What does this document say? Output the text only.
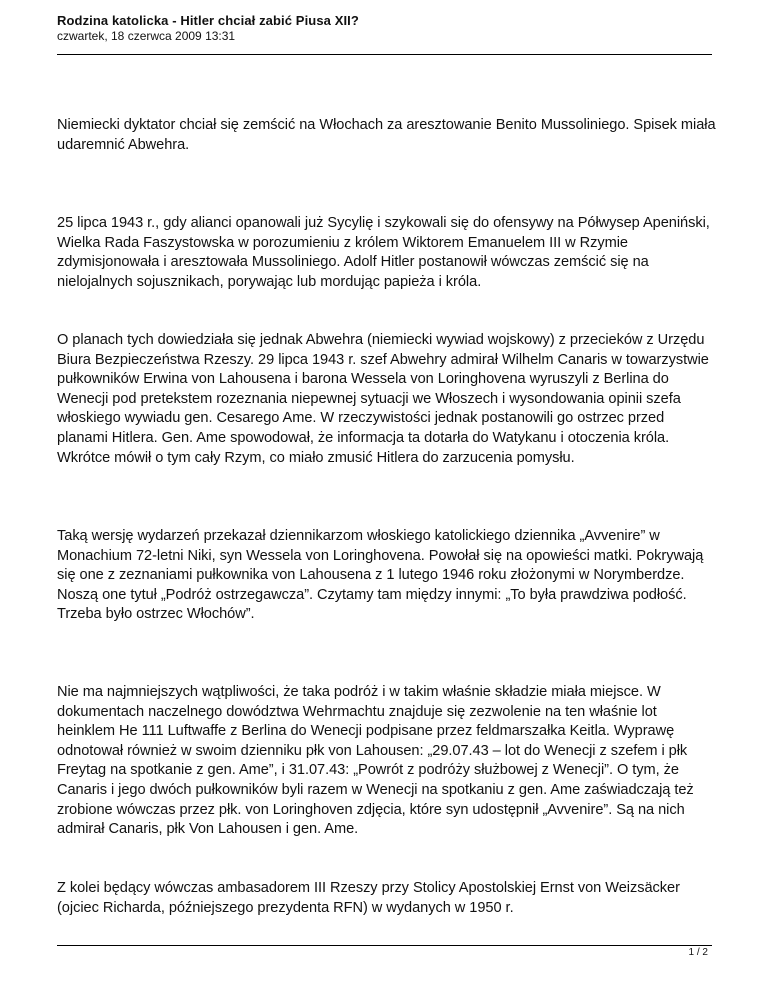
Rodzina katolicka - Hitler chciał zabić Piusa XII?
czwartek, 18 czerwca 2009 13:31

Niemiecki dyktator chciał się zemścić na Włochach za aresztowanie Benito Mussoliniego. Spisek miała udaremnić Abwehra.

25 lipca 1943 r., gdy alianci opanowali już Sycylię i szykowali się do ofensywy na Półwysep Apeniński, Wielka Rada Faszystowska w porozumieniu z królem Wiktorem Emanuelem III w Rzymie zdymisjonowała i aresztowała Mussoliniego. Adolf Hitler postanowił wówczas zemścić się na nielojalnych sojusznikach, porywając lub mordując papieża i króla.

O planach tych dowiedziała się jednak Abwehra (niemiecki wywiad wojskowy) z przecieków z Urzędu Biura Bezpieczeństwa Rzeszy. 29 lipca 1943 r. szef Abwehry admirał Wilhelm Canaris w towarzystwie pułkowników Erwina von Lahousena i barona Wessela von Loringhovena wyruszyli z Berlina do Wenecji pod pretekstem rozeznania niepewnej sytuacji we Włoszech i wysondowania opinii szefa włoskiego wywiadu gen. Cesarego Ame. W rzeczywistości jednak postanowili go ostrzec przed planami Hitlera. Gen. Ame spowodował, że informacja ta dotarła do Watykanu i otoczenia króla. Wkrótce mówił o tym cały Rzym, co miało zmusić Hitlera do zarzucenia pomysłu.

Taką wersję wydarzeń przekazał dziennikarzom włoskiego katolickiego dziennika „Avvenire” w Monachium 72-letni Niki, syn Wessela von Loringhovena. Powołał się na opowieści matki. Pokrywają się one z zeznaniami pułkownika von Lahousena z 1 lutego 1946 roku złożonymi w Norymberdze. Noszą one tytuł „Podróż ostrzegawcza”. Czytamy tam między innymi: „To była prawdziwa podłość. Trzeba było ostrzec Włochów”.

Nie ma najmniejszych wątpliwości, że taka podróż i w takim właśnie składzie miała miejsce. W dokumentach naczelnego dowództwa Wehrmachtu znajduje się zezwolenie na ten właśnie lot heinklem He 111 Luftwaffe z Berlina do Wenecji podpisane przez feldmarszałka Keitla. Wyprawę odnotował również w swoim dzienniku płk von Lahousen: „29.07.43 – lot do Wenecji z szefem i płk Freytag na spotkanie z gen. Ame”, i 31.07.43: „Powrót z podróży służbowej z Wenecji”. O tym, że Canaris i jego dwóch pułkowników byli razem w Wenecji na spotkaniu z gen. Ame zaświadczają też zrobione wówczas przez płk. von Loringhoven zdjęcia, które syn udostępnił „Avvenire”. Są na nich admirał Canaris, płk Von Lahousen i gen. Ame.

Z kolei będący wówczas ambasadorem III Rzeszy przy Stolicy Apostolskiej Ernst von Weizsäcker (ojciec Richarda, późniejszego prezydenta RFN) w wydanych w 1950 r.

1 / 2
